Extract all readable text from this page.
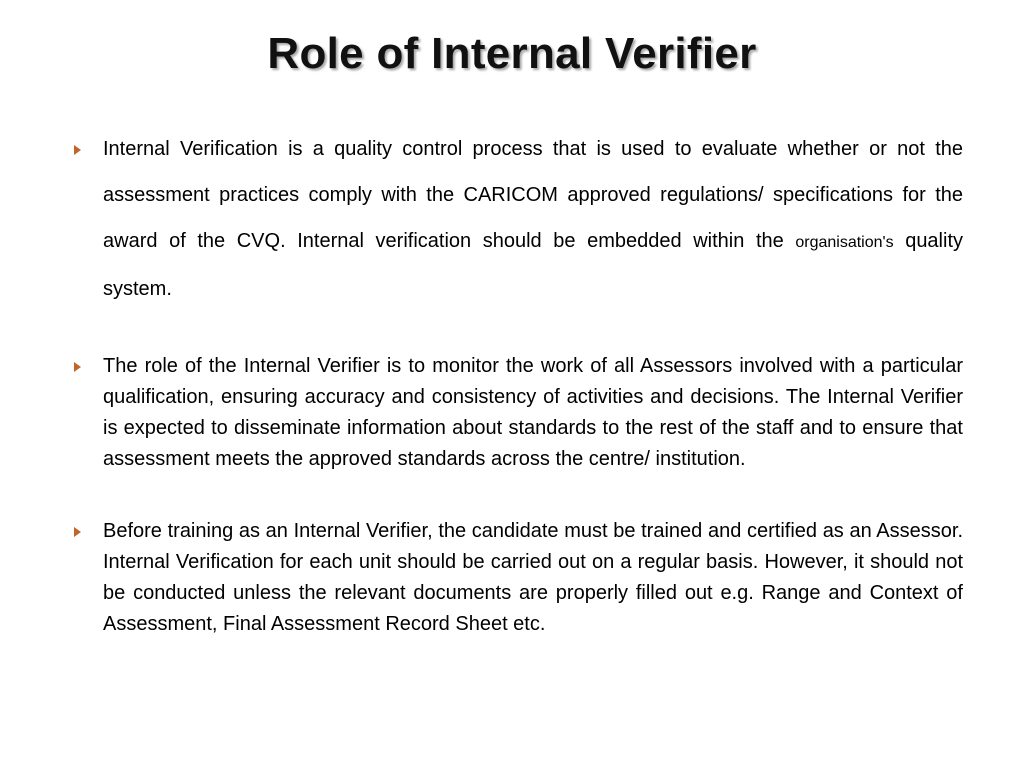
Role of Internal Verifier
Internal Verification is a quality control process that is used to evaluate whether or not the assessment practices comply with the CARICOM approved regulations/ specifications for the award of the CVQ. Internal verification should be embedded within the organisation's quality system.
The role of the Internal Verifier is to monitor the work of all Assessors involved with a particular qualification, ensuring accuracy and consistency of activities and decisions. The Internal Verifier is expected to disseminate information about standards to the rest of the staff and to ensure that assessment meets the approved standards across the centre/ institution.
Before training as an Internal Verifier, the candidate must be trained and certified as an Assessor. Internal Verification for each unit should be carried out on a regular basis. However, it should not be conducted unless the relevant documents are properly filled out e.g. Range and Context of Assessment, Final Assessment Record Sheet etc.
